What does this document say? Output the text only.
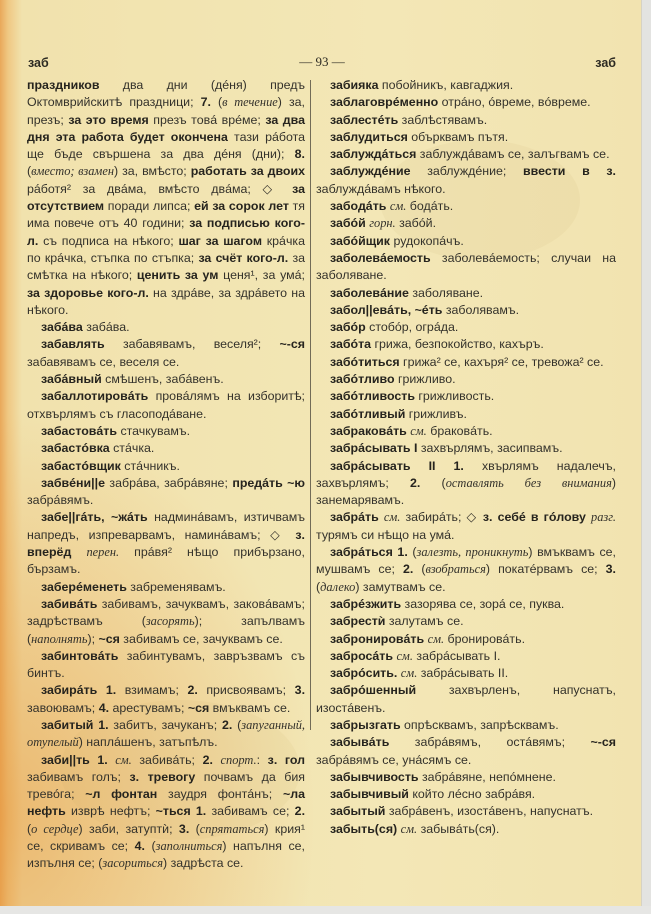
заб	— 93 —	заб

праздников два дни (дéня) предъ Октомврийскитѣ праздници; 7. (в течение) за, презъ; за это время презъ товá врéме; за два дня эта работа будет окончена тази рáбота ще бъде свършена за два дéня (дни); 8. (вместо; взамен) за, вмѣсто; работать за двоих рáботя² за двáма, вмѣсто двáма; ◇ за отсутствием поради липса; ей за сорок лет тя има повече отъ 40 години; за подписью кого-л. съ подписа на нѣкого; шаг за шагом крáчка по крáчка, стъпка по стъпка; за счёт кого-л. за смѣтка на нѣкого; ценить за ум ценя¹, за умá; за здоровье кого-л. на здрáве, за здрáвето на нѣкого.

забáва забáва.

забавлять забавявамъ, веселя²; ~-ся забавявамъ се, веселя се.

забáвный смѣшенъ, забáвенъ.

забаллотировáть провáлямъ на изборитѣ; отхвърлямъ съ гласоподáване.

забастовáть стачкувамъ.

забастóвка стáчка.

забастóвщик стáчникъ.

забвéни||е забрáва, забрáвяне; предáть ~ю забрáвямъ.

забе||гáть, ~жáть надминáвамъ, изтичвамъ напредъ, изпреварвамъ, наминáвамъ; ◇ з. вперёд перен. прáвя² нѣщо прибързано, бързамъ.

заберéменеть забременявамъ.

забивáть забивамъ, зачуквамъ, зaковáвамъ; задрѣствамъ (засорять); запълвамъ (наполнять); ~ся забивамъ се, зачуквамъ се.

забинтовáть забинтувамъ, завръзвамъ съ бинтъ.

забирáть 1. взимамъ; 2. присвоявамъ; 3. завоювамъ; 4. арестувамъ; ~ся вмъквамъ се.

забитый 1. забитъ, зачуканъ; 2. (запуганный, отупелый) наплáшенъ, затъпѣлъ.

заби||ть 1. см. забивáть; 2. спорт.: з. гол забивамъ голъ; з. тревогу почвамъ да бия тревóга; ~л фонтан заудря фонтáнъ; ~ла нефть изврѣ нефтъ; ~ться 1. забивамъ се; 2. (о сердце) заби, затуптѝ; 3. (спрятаться) крия¹ се, скривамъ се; 4. (заполниться) напълня се, изпълня се; (засориться) задрѣста се.

забияка побойникъ, кавгаджия.

заблаговрéменно отрáно, óвреме, вóвреме.

заблестéть заблѣстявамъ.

заблудиться обърквамъ пътя.

заблуждáться заблуждáвамъ се, залъгвамъ се.

заблуждéние заблуждéние; ввести в з. заблуждáвамъ нѣкого.

забодáть см. бодáть.

забóй горн. забóй.

забóйщик рудокопáчъ.

заболевáемость заболевáемость; случаи на заболяване.

заболевáние заболяване.

забол||евáть, ~éть заболявамъ.

забóр стобóр, огрáда.

забóта грижа, безпокойство, кахъръ.

забóтиться грижа² се, кахъря² се, тревожа² се.

забóтливо грижливо.

забóтливость грижливость.

забóтливый грижливъ.

забраковáть см. браковáть.

забрáсывать I захвърлямъ, засипвамъ.

забрáсывать II 1. хвърлямъ надалечъ, захвърлямъ; 2. (оставлять без внимания) занемарявамъ.

забрáть см. забирáть; ◇ з. себé в гóлову разг. турямъ си нѣщо на умá.

забрáться 1. (залезть, проникнуть) вмъквамъ се, мушвамъ се; 2. (взобраться) покатéрвамъ се; 3. (далеко) замутвамъ се.

забрéзжить зазорява се, зорá се, пуква.

забрестѝ залутамъ се.

забронировáть см. бронировáть.

забросáть см. забрáсывать I.

забрóсить. см. забрáсывать II.

забрóшенный захвърленъ, напуснатъ, изостáвенъ.

забрызгать опрѣсквамъ, запрѣсквамъ.

забывáть забрáвямъ, остáвямъ; ~-ся забрáвямъ се, унáсямъ се.

забывчивость забрáвяне, непóмнене.

забывчивый който лéсно забрáвя.

забытый забрáвенъ, изостáвенъ, напуснатъ.

забыть(ся) см. забывáть(ся).
